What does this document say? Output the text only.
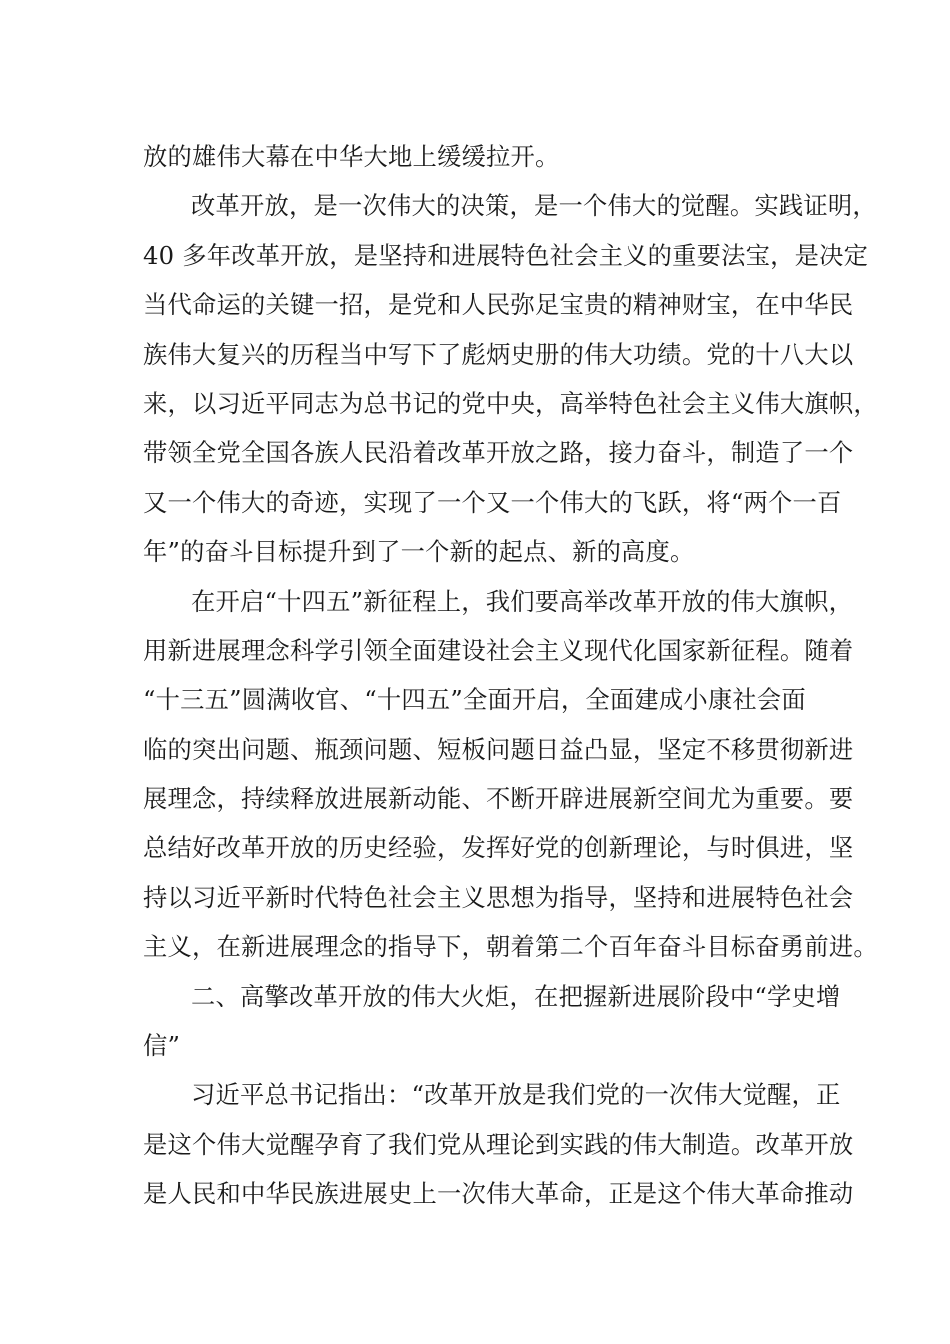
放的雄伟大幕在中华大地上缓缓拉开。
改革开放，是一次伟大的决策，是一个伟大的觉醒。实践证明，
40 多年改革开放，是坚持和进展特色社会主义的重要法宝，是决定
当代命运的关键一招，是党和人民弥足宝贵的精神财宝，在中华民
族伟大复兴的历程当中写下了彪炳史册的伟大功绩。党的十八大以
来，以习近平同志为总书记的党中央，高举特色社会主义伟大旗帜，
带领全党全国各族人民沿着改革开放之路，接力奋斗，制造了一个
又一个伟大的奇迹，实现了一个又一个伟大的飞跃，将“两个一百
年”的奋斗目标提升到了一个新的起点、新的高度。
在开启“十四五”新征程上，我们要高举改革开放的伟大旗帜，
用新进展理念科学引领全面建设社会主义现代化国家新征程。随着
“十三五”圆满收官、“十四五”全面开启，全面建成小康社会面
临的突出问题、瓶颈问题、短板问题日益凸显，坚定不移贯彻新进
展理念，持续释放进展新动能、不断开辟进展新空间尤为重要。要
总结好改革开放的历史经验，发挥好党的创新理论，与时俱进，坚
持以习近平新时代特色社会主义思想为指导，坚持和进展特色社会
主义，在新进展理念的指导下，朝着第二个百年奋斗目标奋勇前进。
二、高擎改革开放的伟大火炬，在把握新进展阶段中“学史增
信”
习近平总书记指出：“改革开放是我们党的一次伟大觉醒，正
是这个伟大觉醒孕育了我们党从理论到实践的伟大制造。改革开放
是人民和中华民族进展史上一次伟大革命，正是这个伟大革命推动
